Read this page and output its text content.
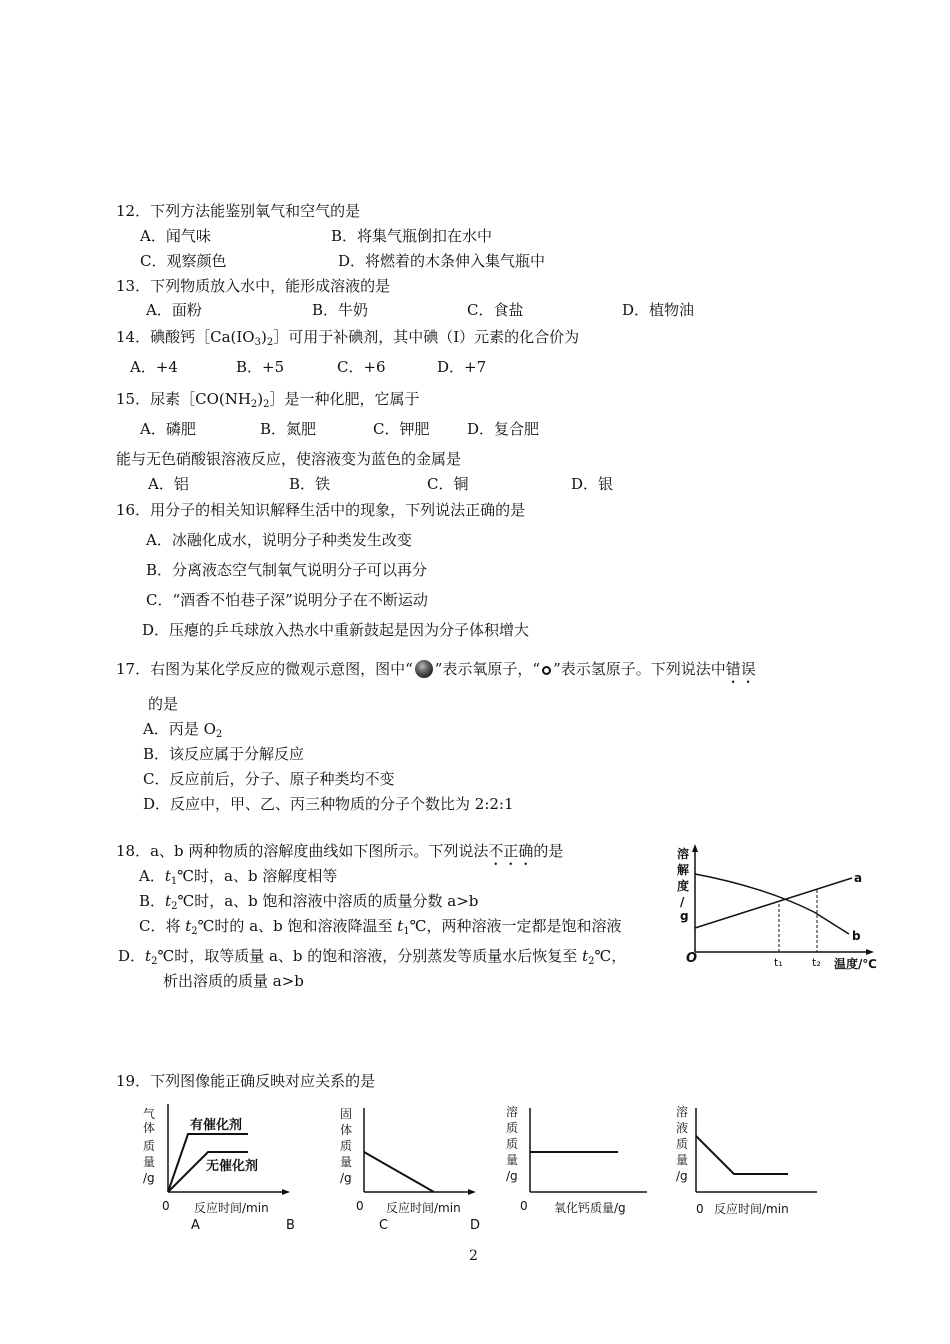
12．下列方法能鉴别氧气和空气的是
A．闻气味	B．将集气瓶倒扣在水中
C．观察颜色	D．将燃着的木条伸入集气瓶中
13．下列物质放入水中，能形成溶液的是
A．面粉	B．牛奶	C．食盐	D．植物油
14．碘酸钙$[Ca(IO_3)_2]$可用于补碘剂，其中碘（I）元素的化合价为
A．+4	B．+5	C．+6	D．+7
15．尿素$[CO(NH_2)_2]$是一种化肥，它属于
A．磷肥	B．氮肥	C．钾肥	D．复合肥
能与无色硝酸银溶液反应，使溶液变为蓝色的金属是
A．铝	B．铁	C．铜	D．银
16．用分子的相关知识解释生活中的现象，下列说法正确的是
A．冰融化成水，说明分子种类发生改变
B．分离液态空气制氧气说明分子可以再分
C．“酒香不怕巷子深”说明分子在不断运动
D．压瘪的乒乓球放入热水中重新鼓起是因为分子体积增大
17．右图为某化学反应的微观示意图，图中“ ”表示氧原子，“ ”表示氢原子。下列说法中错误
的是
A．丙是 $O_2$
B．该反应属于分解反应
C．反应前后，分子、原子种类均不变
D．反应中，甲、乙、丙三种物质的分子个数比为 2:2:1
18．a、b 两种物质的溶解度曲线如下图所示。下列说法不正确的是
A．$t_1℃$时，a、b 溶解度相等
B．$t_2℃$时，a、b 饱和溶液中溶质的质量分数 a>b
C．将 $t_2℃$时的 a、b 饱和溶液降温至 $t_1℃$，两种溶液一定都是饱和溶液
D．$t_2℃$时，取等质量 a、b 的饱和溶液，分别蒸发等质量水后恢复至 $t_2℃$，
析出溶质的质量 a>b
溶
解
度
/
g
O
a
b
t₁	t₂ 温度/℃
19．下列图像能正确反映对应关系的是
气
体
质
量
/g
有催化剂
无催化剂
0 反应时间/min
A	B
固
体
质
量
/g
0 反应时间/min
C	D
溶
质
质
量
/g
0 氧化钙质量/g
溶
液
质
量
/g
0 反应时间/min
2
